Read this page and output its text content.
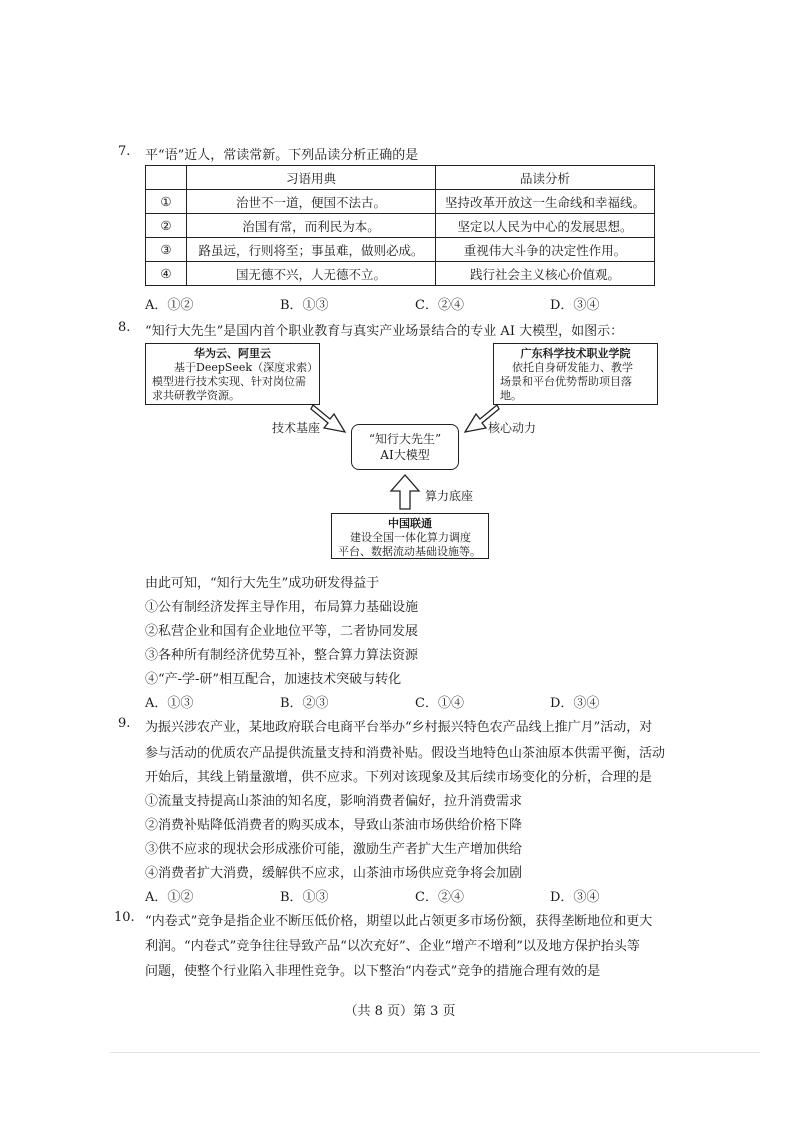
7. 平“语”近人，常读常新。下列品读分析正确的是
	习语用典	品读分析
①	治世不一道，便国不法古。	坚持改革开放这一生命线和幸福线。
②	治国有常，而利民为本。	坚定以人民为中心的发展思想。
③	路虽远，行则将至；事虽难，做则必成。	重视伟大斗争的决定性作用。
④	国无德不兴，人无德不立。	践行社会主义核心价值观。
A．①②	B．①③	C．②④	D．③④
8. “知行大先生”是国内首个职业教育与真实产业场景结合的专业 AI 大模型，如图示：
华为云、阿里云
基于DeepSeek（深度求索）
模型进行技术实现、针对岗位需
求共研教学资源。
广东科学技术职业学院
依托自身研发能力、教学
场景和平台优势帮助项目落地。
“知行大先生”
AI大模型
技术基座	核心动力
算力底座
中国联通
建设全国一体化算力调度
平台、数据流动基础设施等。
由此可知，“知行大先生”成功研发得益于
①公有制经济发挥主导作用，布局算力基础设施
②私营企业和国有企业地位平等，二者协同发展
③各种所有制经济优势互补，整合算力算法资源
④“产-学-研”相互配合，加速技术突破与转化
A．①③	B．②③	C．①④	D．③④
9. 为振兴涉农产业，某地政府联合电商平台举办“乡村振兴特色农产品线上推广月”活动，对
参与活动的优质农产品提供流量支持和消费补贴。假设当地特色山茶油原本供需平衡，活动
开始后，其线上销量激增，供不应求。下列对该现象及其后续市场变化的分析，合理的是
①流量支持提高山茶油的知名度，影响消费者偏好，拉升消费需求
②消费补贴降低消费者的购买成本，导致山茶油市场供给价格下降
③供不应求的现状会形成涨价可能，激励生产者扩大生产增加供给
④消费者扩大消费，缓解供不应求，山茶油市场供应竞争将会加剧
A．①②	B．①③	C．②④	D．③④
10. “内卷式”竞争是指企业不断压低价格，期望以此占领更多市场份额，获得垄断地位和更大
利润。“内卷式”竞争往往导致产品“以次充好”、企业“增产不增利”以及地方保护抬头等
问题，使整个行业陷入非理性竞争。以下整治“内卷式”竞争的措施合理有效的是
（共 8 页）第 3 页
